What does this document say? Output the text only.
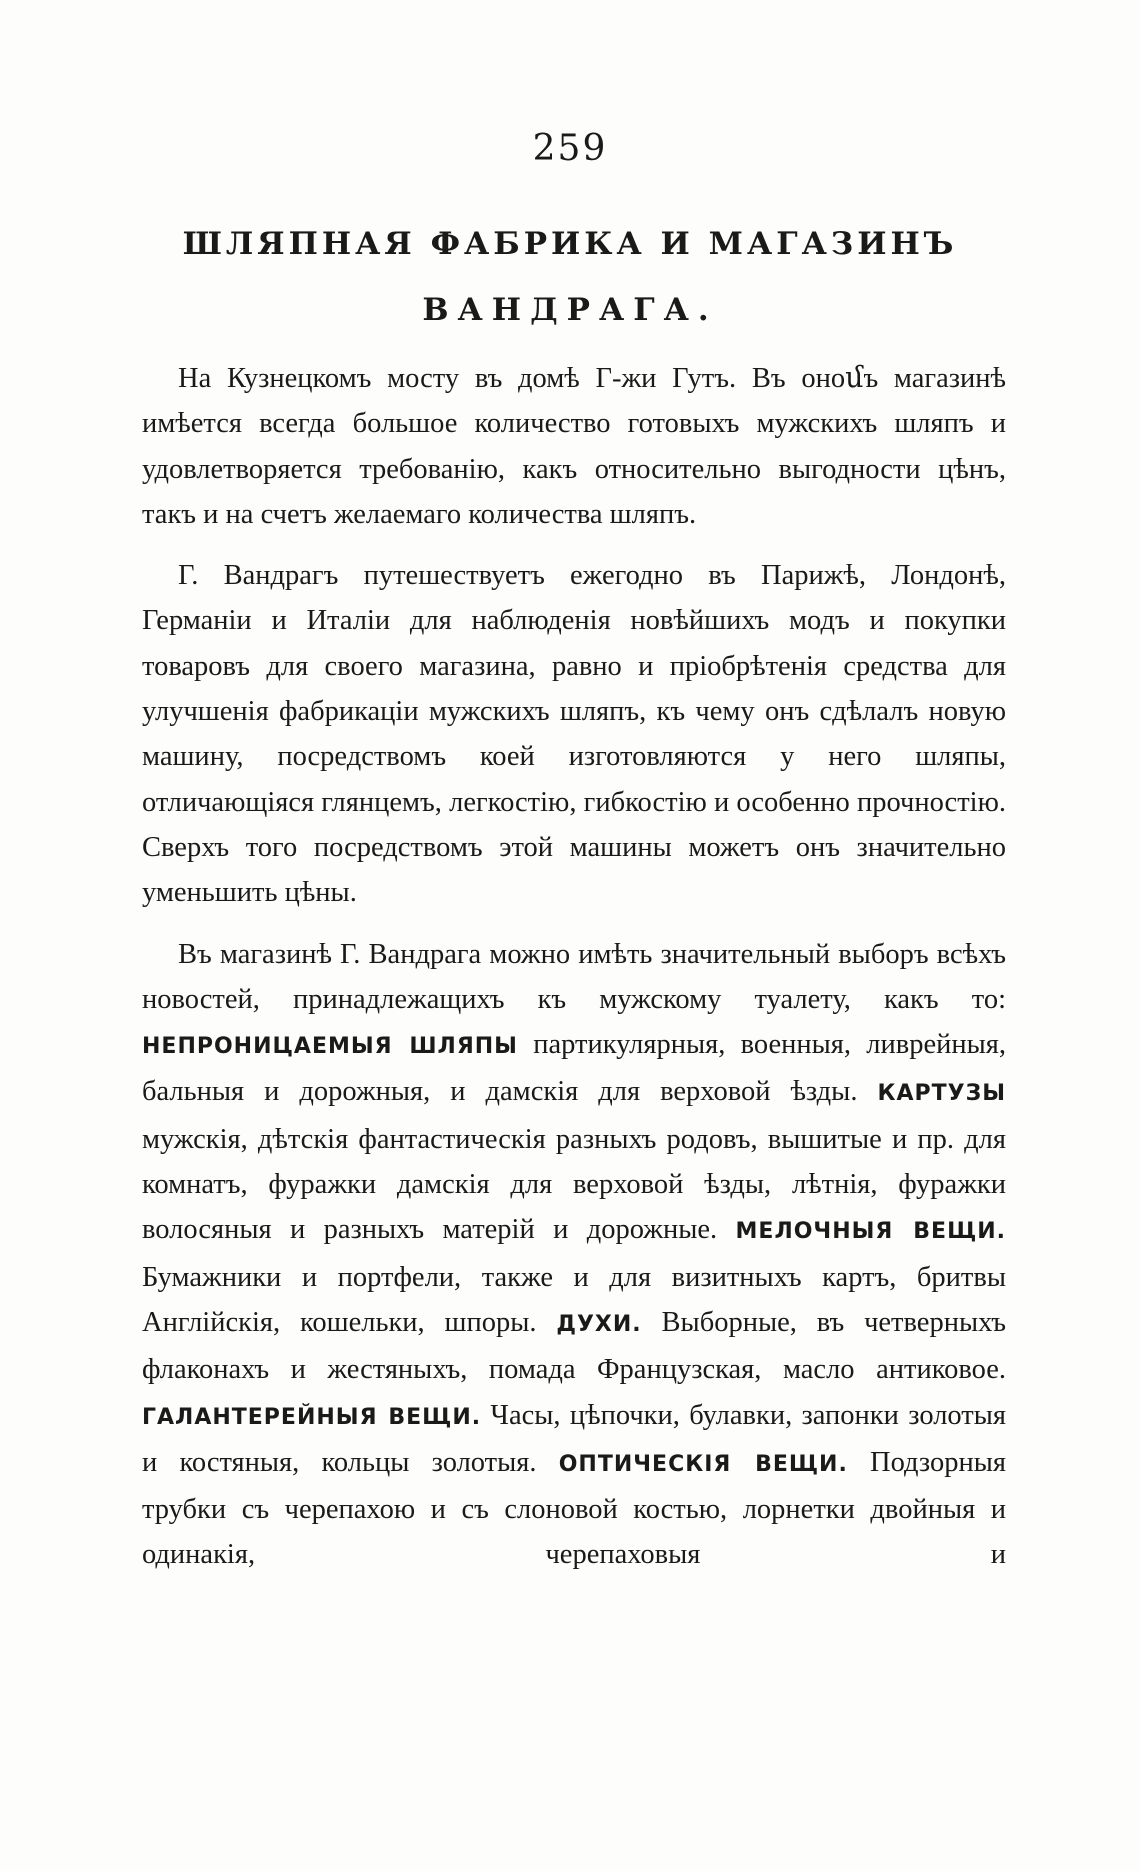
259
ШЛЯПНАЯ ФАБРИКА И МАГАЗИНЪ
ВАНДРАГА.

На Кузнецкомъ мосту въ домѣ Г-жи Гутъ. Въ оноմъ магазинѣ имѣется всегда большое количество готовыхъ мужскихъ шляпъ и удовлетворяется требованію, какъ относительно выгодности цѣнъ, такъ и на счетъ желаемаго количества шляпъ.

Г. Вандрагъ путешествуетъ ежегодно въ Парижѣ, Лондонѣ, Германіи и Италіи для наблюденія новѣйшихъ модъ и покупки товаровъ для своего магазина, равно и пріобрѣтенія средства для улучшенія фабрикаціи мужскихъ шляпъ, къ чему онъ сдѣлалъ новую машину, посредствомъ коей изготовляются у него шляпы, отличающіяся глянцемъ, легкостію, гибкостію и особенно прочностію. Сверхъ того посредствомъ этой машины можетъ онъ значительно уменьшить цѣны.

Въ магазинѣ Г. Вандрага можно имѣть значительный выборъ всѣхъ новостей, принадлежащихъ къ мужскому туалету, какъ то: НЕПРОНИЦАЕМЫЯ ШЛЯПЫ партикулярныя, военныя, ливрейныя, бальныя и дорожныя, и дамскія для верховой ѣзды. КАРТУЗЫ мужскія, дѣтскія фантастическія разныхъ родовъ, вышитые и пр. для комнатъ, фуражки дамскія для верховой ѣзды, лѣтнія, фуражки волосяныя и разныхъ матерій и дорожные. МЕЛОЧНЫЯ ВЕЩИ. Бумажники и портфели, также и для визитныхъ картъ, бритвы Англійскія, кошельки, шпоры. ДУХИ. Выборные, въ четверныхъ флаконахъ и жестяныхъ, помада Французская, масло антиковое. ГАЛАНТЕРЕЙНЫЯ ВЕЩИ. Часы, цѣпочки, булавки, запонки золотыя и костяныя, кольцы золотыя. ОПТИЧЕСКІЯ ВЕЩИ. Подзорныя трубки съ черепахою и съ слоновой костью, лорнетки двойныя и одинакія, черепаховыя и
